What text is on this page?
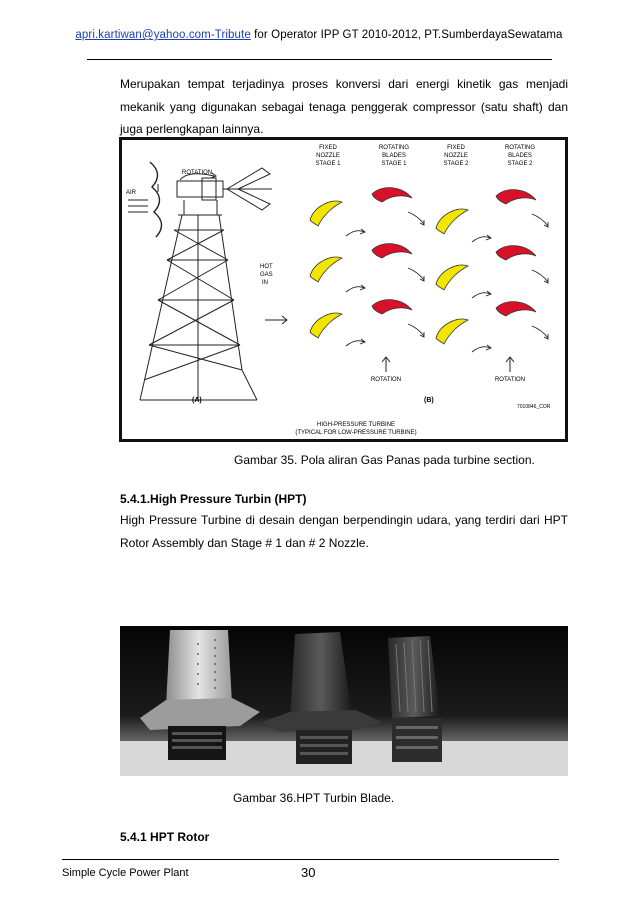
apri.kartiwan@yahoo.com-Tribute for Operator IPP GT 2010-2012, PT.SumberdayaSewatama
Merupakan tempat terjadinya proses konversi dari energi kinetik gas menjadi mekanik yang digunakan sebagai tenaga penggerak compressor (satu shaft) dan juga perlengkapan lainnya.
ROTATION
AIR
HOT
GAS
IN
FIXED
NOZZLE
STAGE 1
ROTATING
BLADES
STAGE 1
FIXED
NOZZLE
STAGE 2
ROTATING
BLADES
STAGE 2
ROTATION	ROTATION
(A)	(B)
7010846_COR
HIGH-PRESSURE TURBINE
(TYPICAL FOR LOW-PRESSURE TURBINE)
Gambar 35. Pola aliran Gas Panas pada turbine section.
5.4.1.High Pressure Turbin (HPT)
High Pressure Turbine di desain dengan berpendingin udara, yang terdiri dari HPT Rotor Assembly dan Stage # 1 dan # 2 Nozzle.
Gambar 36.HPT Turbin Blade.
5.4.1 HPT Rotor
Simple Cycle Power Plant	30
